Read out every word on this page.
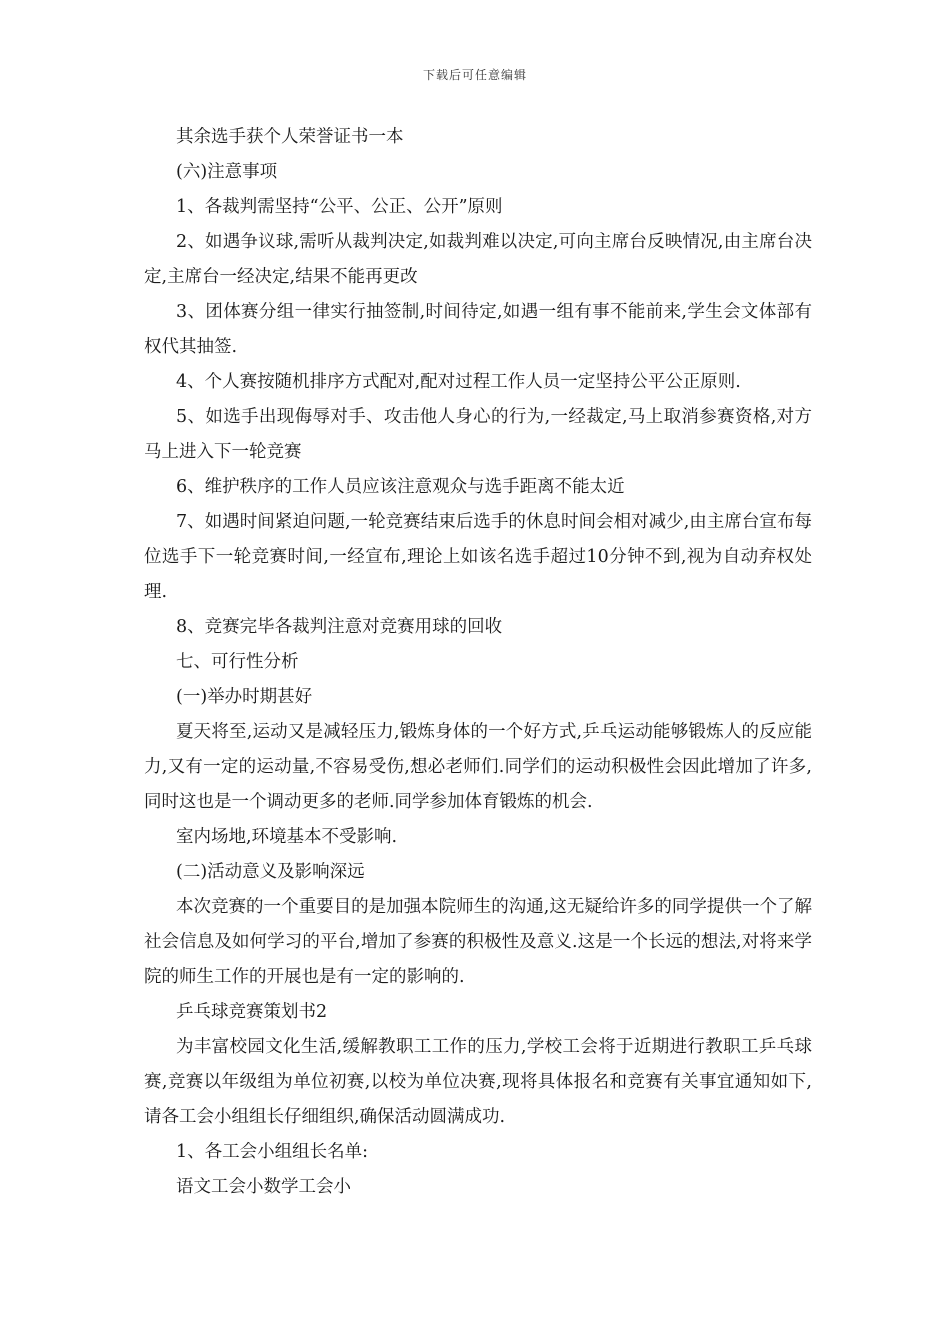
下载后可任意编辑

其余选手获个人荣誉证书一本

(六)注意事项

1、各裁判需坚持“公平、公正、公开”原则

2、如遇争议球,需听从裁判决定,如裁判难以决定,可向主席台反映情况,由主席台决定,主席台一经决定,结果不能再更改

3、团体赛分组一律实行抽签制,时间待定,如遇一组有事不能前来,学生会文体部有权代其抽签.

4、个人赛按随机排序方式配对,配对过程工作人员一定坚持公平公正原则.

5、如选手出现侮辱对手、攻击他人身心的行为,一经裁定,马上取消参赛资格,对方马上进入下一轮竞赛

6、维护秩序的工作人员应该注意观众与选手距离不能太近

7、如遇时间紧迫问题,一轮竞赛结束后选手的休息时间会相对减少,由主席台宣布每位选手下一轮竞赛时间,一经宣布,理论上如该名选手超过10分钟不到,视为自动弃权处理.

8、竞赛完毕各裁判注意对竞赛用球的回收

七、可行性分析

(一)举办时期甚好

夏天将至,运动又是减轻压力,锻炼身体的一个好方式,乒乓运动能够锻炼人的反应能力,又有一定的运动量,不容易受伤,想必老师们.同学们的运动积极性会因此增加了许多,同时这也是一个调动更多的老师.同学参加体育锻炼的机会.

室内场地,环境基本不受影响.

(二)活动意义及影响深远

本次竞赛的一个重要目的是加强本院师生的沟通,这无疑给许多的同学提供一个了解社会信息及如何学习的平台,增加了参赛的积极性及意义.这是一个长远的想法,对将来学院的师生工作的开展也是有一定的影响的.

乒乓球竞赛策划书2

为丰富校园文化生活,缓解教职工工作的压力,学校工会将于近期进行教职工乒乓球赛,竞赛以年级组为单位初赛,以校为单位决赛,现将具体报名和竞赛有关事宜通知如下,请各工会小组组长仔细组织,确保活动圆满成功.

1、各工会小组组长名单:

语文工会小数学工会小
